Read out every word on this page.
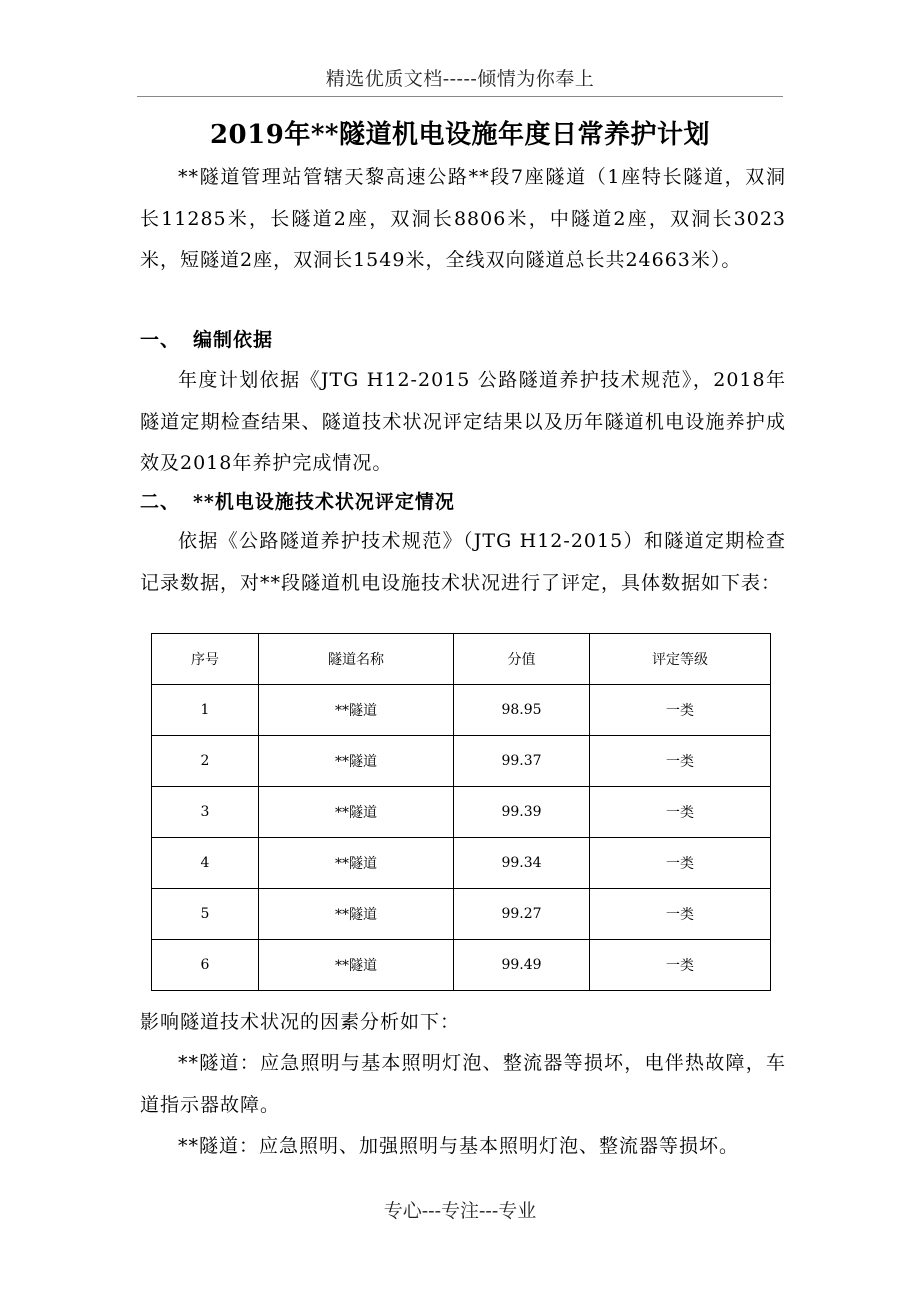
精选优质文档-----倾情为你奉上
2019年**隧道机电设施年度日常养护计划
**隧道管理站管辖天黎高速公路**段7座隧道（1座特长隧道，双洞长11285米，长隧道2座，双洞长8806米，中隧道2座，双洞长3023米，短隧道2座，双洞长1549米，全线双向隧道总长共24663米）。
一、 编制依据
年度计划依据《JTG H12-2015 公路隧道养护技术规范》，2018年隧道定期检查结果、隧道技术状况评定结果以及历年隧道机电设施养护成效及2018年养护完成情况。
二、 **机电设施技术状况评定情况
依据《公路隧道养护技术规范》（JTG H12-2015）和隧道定期检查记录数据，对**段隧道机电设施技术状况进行了评定，具体数据如下表：
序号	隧道名称	分值	评定等级
1	**隧道	98.95	一类
2	**隧道	99.37	一类
3	**隧道	99.39	一类
4	**隧道	99.34	一类
5	**隧道	99.27	一类
6	**隧道	99.49	一类
影响隧道技术状况的因素分析如下：
**隧道：应急照明与基本照明灯泡、整流器等损坏，电伴热故障，车道指示器故障。
**隧道：应急照明、加强照明与基本照明灯泡、整流器等损坏。
专心---专注---专业
